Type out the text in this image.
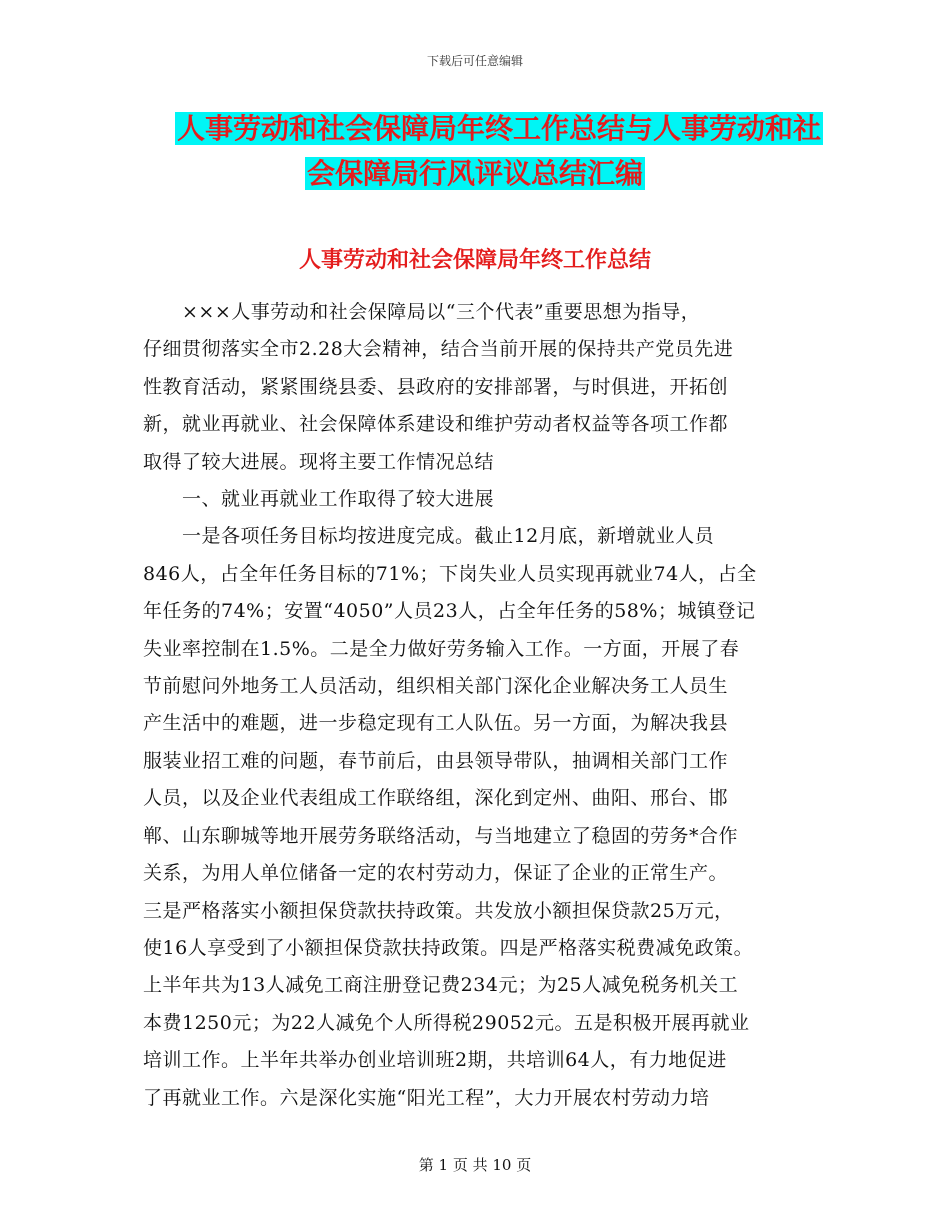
下载后可任意编辑
人事劳动和社会保障局年终工作总结与人事劳动和社
会保障局行风评议总结汇编
人事劳动和社会保障局年终工作总结
　　×××人事劳动和社会保障局以“三个代表”重要思想为指导，
仔细贯彻落实全市2.28大会精神，结合当前开展的保持共产党员先进
性教育活动，紧紧围绕县委、县政府的安排部署，与时俱进，开拓创
新，就业再就业、社会保障体系建设和维护劳动者权益等各项工作都
取得了较大进展。现将主要工作情况总结
　　一、就业再就业工作取得了较大进展
　　一是各项任务目标均按进度完成。截止12月底，新增就业人员
846人，占全年任务目标的71%；下岗失业人员实现再就业74人，占全
年任务的74%；安置“4050”人员23人，占全年任务的58%；城镇登记
失业率控制在1.5%。二是全力做好劳务输入工作。一方面，开展了春
节前慰问外地务工人员活动，组织相关部门深化企业解决务工人员生
产生活中的难题，进一步稳定现有工人队伍。另一方面，为解决我县
服装业招工难的问题，春节前后，由县领导带队，抽调相关部门工作
人员，以及企业代表组成工作联络组，深化到定州、曲阳、邢台、邯
郸、山东聊城等地开展劳务联络活动，与当地建立了稳固的劳务*合作
关系，为用人单位储备一定的农村劳动力，保证了企业的正常生产。
三是严格落实小额担保贷款扶持政策。共发放小额担保贷款25万元，
使16人享受到了小额担保贷款扶持政策。四是严格落实税费减免政策。
上半年共为13人减免工商注册登记费234元；为25人减免税务机关工
本费1250元；为22人减免个人所得税29052元。五是积极开展再就业
培训工作。上半年共举办创业培训班2期，共培训64人，有力地促进
了再就业工作。六是深化实施“阳光工程”，大力开展农村劳动力培
第 1 页 共 10 页
